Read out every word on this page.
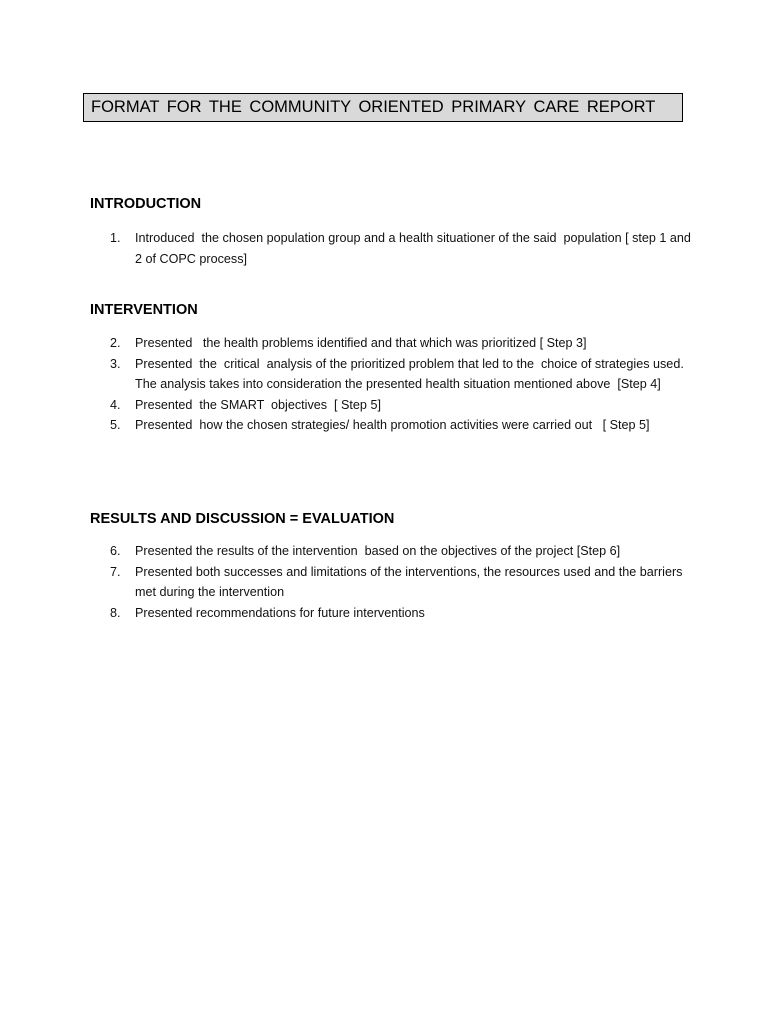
FORMAT FOR THE COMMUNITY ORIENTED PRIMARY CARE REPORT
INTRODUCTION
1.	Introduced  the chosen population group and a health situationer of the said  population [ step 1 and 2 of COPC process]
INTERVENTION
2.	Presented   the health problems identified and that which was prioritized [ Step 3]
3.	Presented  the  critical  analysis of the prioritized problem that led to the  choice of strategies used. The analysis takes into consideration the presented health situation mentioned above  [Step 4]
4.	Presented  the SMART  objectives  [ Step 5]
5.	Presented  how the chosen strategies/ health promotion activities were carried out   [ Step 5]
RESULTS AND DISCUSSION = EVALUATION
6.	Presented the results of the intervention  based on the objectives of the project [Step 6]
7.	Presented both successes and limitations of the interventions, the resources used and the barriers met during the intervention
8.	Presented recommendations for future interventions
